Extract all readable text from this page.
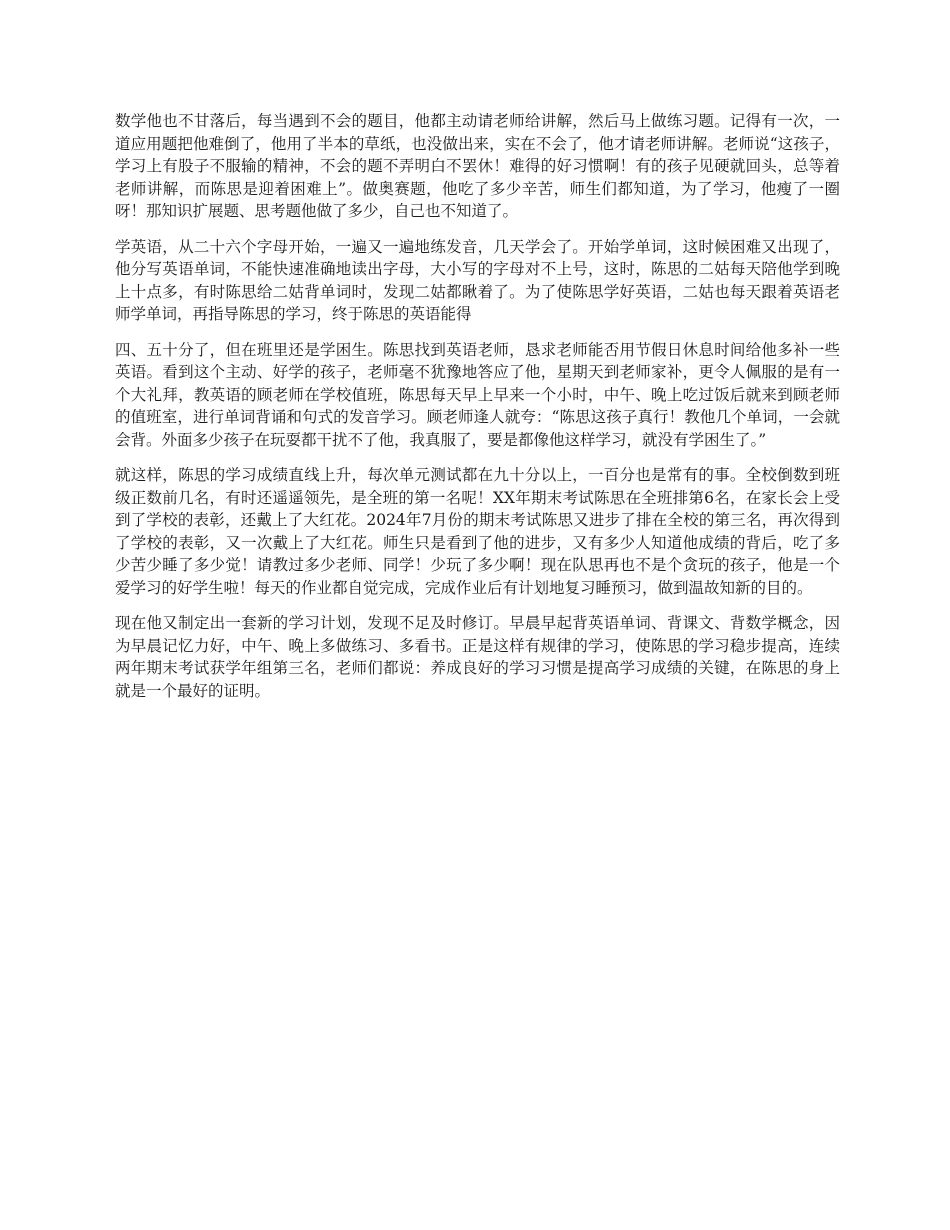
数学他也不甘落后，每当遇到不会的题目，他都主动请老师给讲解，然后马上做练习题。记得有一次，一道应用题把他难倒了，他用了半本的草纸，也没做出来，实在不会了，他才请老师讲解。老师说“这孩子，学习上有股子不服输的精神，不会的题不弄明白不罢休！难得的好习惯啊！有的孩子见硬就回头，总等着老师讲解，而陈思是迎着困难上”。做奥赛题，他吃了多少辛苦，师生们都知道，为了学习，他瘦了一圈呀！那知识扩展题、思考题他做了多少，自己也不知道了。

学英语，从二十六个字母开始，一遍又一遍地练发音，几天学会了。开始学单词，这时候困难又出现了，他分写英语单词，不能快速准确地读出字母，大小写的字母对不上号，这时，陈思的二姑每天陪他学到晚上十点多，有时陈思给二姑背单词时，发现二姑都瞅着了。为了使陈思学好英语，二姑也每天跟着英语老师学单词，再指导陈思的学习，终于陈思的英语能得

四、五十分了，但在班里还是学困生。陈思找到英语老师，恳求老师能否用节假日休息时间给他多补一些英语。看到这个主动、好学的孩子，老师毫不犹豫地答应了他，星期天到老师家补，更令人佩服的是有一个大礼拜，教英语的顾老师在学校值班，陈思每天早上早来一个小时，中午、晚上吃过饭后就来到顾老师的值班室，进行单词背诵和句式的发音学习。顾老师逢人就夸：“陈思这孩子真行！教他几个单词，一会就会背。外面多少孩子在玩耍都干扰不了他，我真服了，要是都像他这样学习，就没有学困生了。”

就这样，陈思的学习成绩直线上升，每次单元测试都在九十分以上，一百分也是常有的事。全校倒数到班级正数前几名，有时还遥遥领先，是全班的第一名呢！XX年期末考试陈思在全班排第6名，在家长会上受到了学校的表彰，还戴上了大红花。2024年7月份的期末考试陈思又进步了排在全校的第三名，再次得到了学校的表彰，又一次戴上了大红花。师生只是看到了他的进步，又有多少人知道他成绩的背后，吃了多少苦少睡了多少觉！请教过多少老师、同学！少玩了多少啊！现在队思再也不是个贪玩的孩子，他是一个爱学习的好学生啦！每天的作业都自觉完成，完成作业后有计划地复习睡预习，做到温故知新的目的。

现在他又制定出一套新的学习计划，发现不足及时修订。早晨早起背英语单词、背课文、背数学概念，因为早晨记忆力好，中午、晚上多做练习、多看书。正是这样有规律的学习，使陈思的学习稳步提高，连续两年期末考试获学年组第三名，老师们都说：养成良好的学习习惯是提高学习成绩的关键，在陈思的身上就是一个最好的证明。
